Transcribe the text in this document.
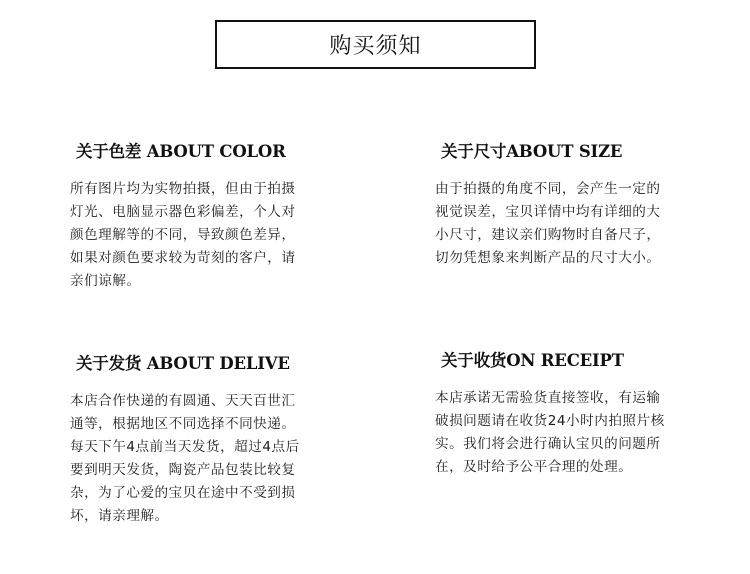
购买须知
关于色差 ABOUT COLOR
所有图片均为实物拍摄，但由于拍摄灯光、电脑显示器色彩偏差，个人对颜色理解等的不同，导致颜色差异，如果对颜色要求较为苛刻的客户，请亲们谅解。
关于尺寸ABOUT SIZE
由于拍摄的角度不同，会产生一定的视觉误差，宝贝详情中均有详细的大小尺寸，建议亲们购物时自备尺子，切勿凭想象来判断产品的尺寸大小。
关于发货 ABOUT DELIVE
本店合作快递的有圆通、天天百世汇通等，根据地区不同选择不同快递。每天下午4点前当天发货，超过4点后要到明天发货，陶瓷产品包装比较复杂，为了心爱的宝贝在途中不受到损坏，请亲理解。
关于收货ON RECEIPT
本店承诺无需验货直接签收，有运输破损问题请在收货24小时内拍照片核实。我们将会进行确认宝贝的问题所在，及时给予公平合理的处理。
